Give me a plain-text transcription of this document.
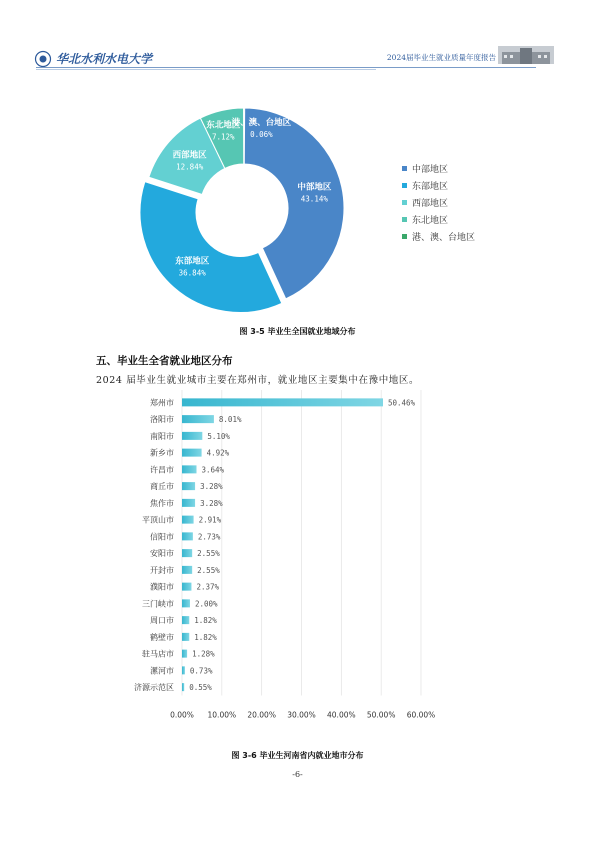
华北水利水电大学	2024届毕业生就业质量年度报告
中部地区
43.14%
东部地区
36.84%
西部地区
12.84%
东北地区
7.12%
港、澳、台地区
0.06%
中部地区
东部地区
西部地区
东北地区
港、澳、台地区
图 3-5 毕业生全国就业地域分布
五、毕业生全省就业地区分布
2024 届毕业生就业城市主要在郑州市，就业地区主要集中在豫中地区。
郑州市
洛阳市
南阳市
新乡市
许昌市
商丘市
焦作市
平顶山市
信阳市
安阳市
开封市
濮阳市
三门峡市
周口市
鹤壁市
驻马店市
漯河市
济源示范区
50.46%
8.01%
5.10%
4.92%
3.64%
3.28%
3.28%
2.91%
2.73%
2.55%
2.55%
2.37%
2.00%
1.82%
1.82%
1.28%
0.73%
0.55%
0.00% 10.00% 20.00% 30.00% 40.00% 50.00% 60.00%
图 3-6 毕业生河南省内就业地市分布
-6-
